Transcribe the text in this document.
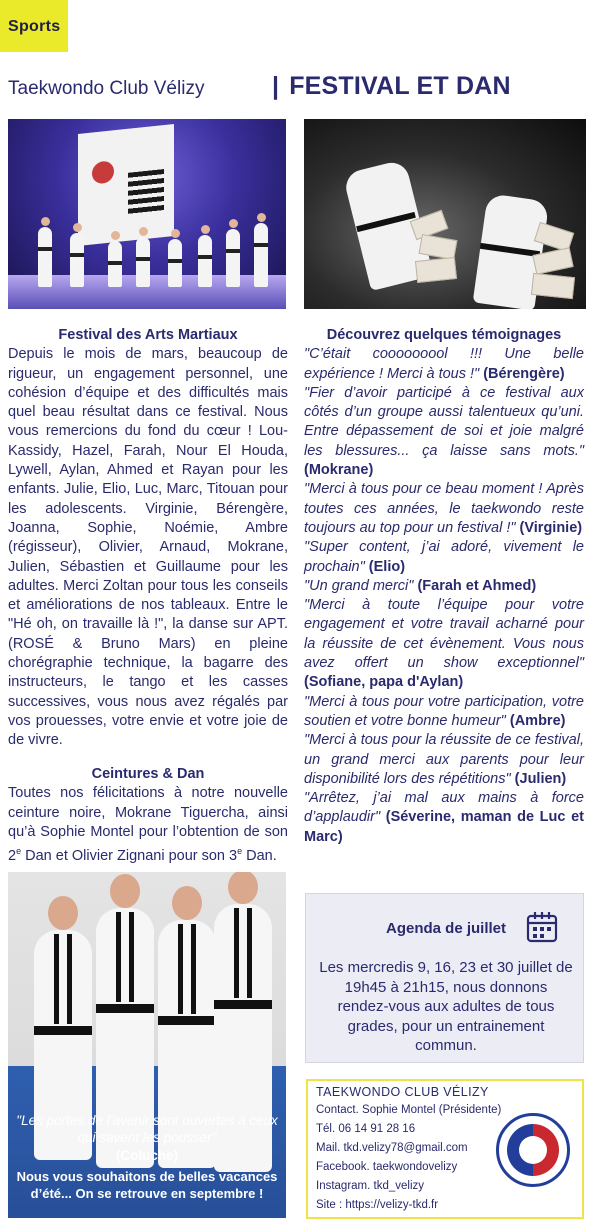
Sports
Taekwondo Club Vélizy	| FESTIVAL ET DAN
Festival des Arts Martiaux
Depuis le mois de mars, beaucoup de rigueur, un engagement personnel, une cohésion d’équipe et des difficultés mais quel beau résultat dans ce festival. Nous vous remercions du fond du cœur ! Lou-Kassidy, Hazel, Farah, Nour El Houda, Lywell, Aylan, Ahmed et Rayan pour les enfants. Julie, Elio, Luc, Marc, Titouan pour les adolescents. Virginie, Bérengère, Joanna, Sophie, Noémie, Ambre (régisseur), Olivier, Arnaud, Mokrane, Julien, Sébastien et Guillaume pour les adultes. Merci Zoltan pour tous les conseils et améliorations de nos tableaux. Entre le "Hé oh, on travaille là !", la danse sur APT. (ROSÉ & Bruno Mars) en pleine chorégraphie technique, la bagarre des instructeurs, le tango et les casses successives, vous nous avez régalés par vos prouesses, votre envie et votre joie de de vivre.
Ceintures & Dan
Toutes nos félicitations à notre nouvelle ceinture noire, Mokrane Tiguercha, ainsi qu’à Sophie Montel pour l’obtention de son 2e Dan et Olivier Zignani pour son 3e Dan.
"Les portes de l’avenir sont ouvertes à ceux qui savent les pousser"
(Coluche)
Nous vous souhaitons de belles vacances d’été... On se retrouve en septembre !
Découvrez quelques témoignages
"C’était cooooooool !!! Une belle expérience ! Merci à tous !" (Bérengère)
"Fier d’avoir participé à ce festival aux côtés d’un groupe aussi talentueux qu’uni. Entre dépassement de soi et joie malgré les blessures... ça laisse sans mots." (Mokrane)
"Merci à tous pour ce beau moment ! Après toutes ces années, le taekwondo reste toujours au top pour un festival !" (Virginie)
"Super content, j’ai adoré, vivement le prochain" (Elio)
"Un grand merci" (Farah et Ahmed)
"Merci à toute l’équipe pour votre engagement et votre travail acharné pour la réussite de cet évènement. Vous nous avez offert un show exceptionnel" (Sofiane, papa d'Aylan)
"Merci à tous pour votre participation, votre soutien et votre bonne humeur" (Ambre)
"Merci à tous pour la réussite de ce festival, un grand merci aux parents pour leur disponibilité lors des répétitions" (Julien)
"Arrêtez, j’ai mal aux mains à force d’applaudir" (Séverine, maman de Luc et Marc)
Agenda de juillet
Les mercredis 9, 16, 23 et 30 juillet de 19h45 à 21h15, nous donnons rendez-vous aux adultes de tous grades, pour un entrainement commun.
TAEKWONDO CLUB VÉLIZY
Contact. Sophie Montel (Présidente)
Tél. 06 14 91 28 16
Mail. tkd.velizy78@gmail.com
Facebook. taekwondovelizy
Instagram. tkd_velizy
Site : https://velizy-tkd.fr
